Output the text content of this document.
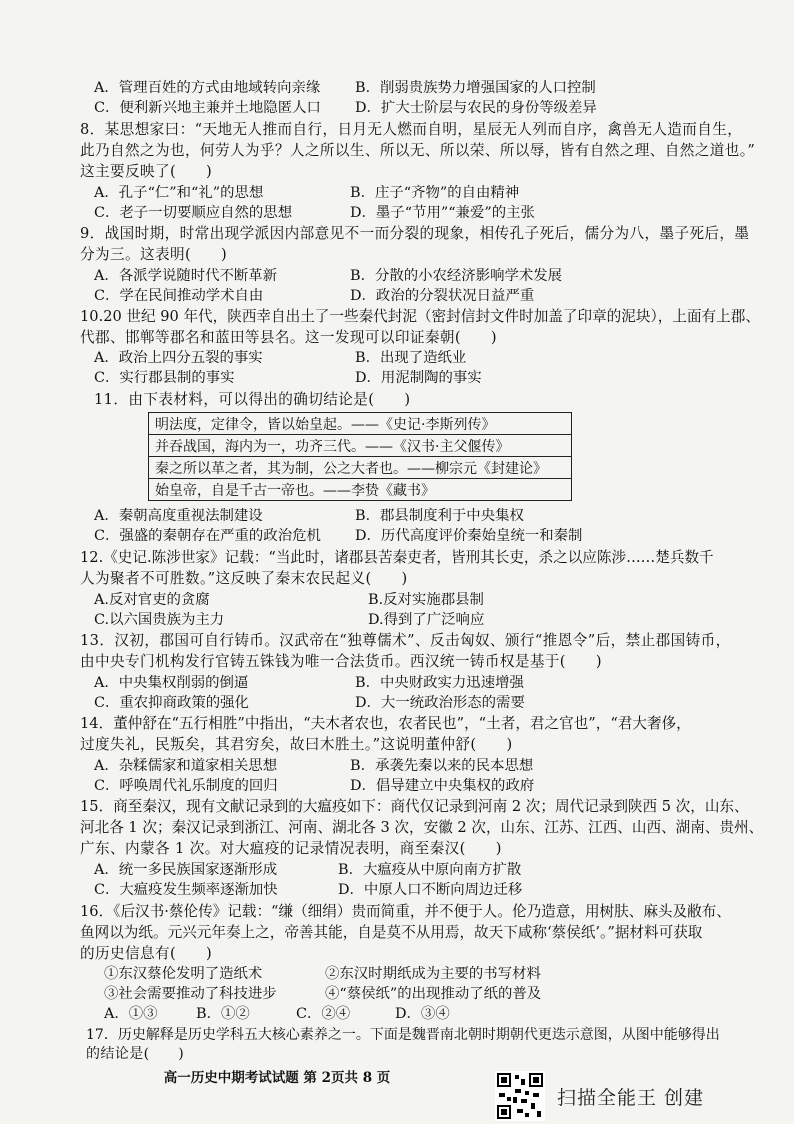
A．管理百姓的方式由地域转向亲缘 B．削弱贵族势力增强国家的人口控制
C．便利新兴地主兼并土地隐匿人口 D．扩大士阶层与农民的身份等级差异
8．某思想家曰：“天地无人推而自行，日月无人燃而自明，星辰无人列而自序，禽兽无人造而自生，
此乃自然之为也，何劳人为乎？人之所以生、所以无、所以荣、所以辱，皆有自然之理、自然之道也。”
这主要反映了(　　)
A．孔子“仁”和“礼”的思想	B．庄子“齐物”的自由精神
C．老子一切要顺应自然的思想	D．墨子“节用”“兼爱”的主张
9．战国时期，时常出现学派因内部意见不一而分裂的现象，相传孔子死后，儒分为八，墨子死后，墨
分为三。这表明(　　)
A．各派学说随时代不断革新	B．分散的小农经济影响学术发展
C．学在民间推动学术自由	D．政治的分裂状况日益严重
10.20 世纪 90 年代，陕西幸自出土了一些秦代封泥（密封信封文件时加盖了印章的泥块），上面有上郡、
代郡、邯郸等郡名和蓝田等县名。这一发现可以印证秦朝(　　)
A．政治上四分五裂的事实	B．出现了造纸业
C．实行郡县制的事实	D．用泥制陶的事实
11．由下表材料，可以得出的确切结论是(　　)
明法度，定律令，皆以始皇起。——《史记·李斯列传》
并吞战国，海内为一，功齐三代。——《汉书·主父偃传》
秦之所以革之者，其为制，公之大者也。——柳宗元《封建论》
始皇帝，自是千古一帝也。——李贽《藏书》
A．秦朝高度重视法制建设	B．郡县制度利于中央集权
C．强盛的秦朝存在严重的政治危机 D．历代高度评价秦始皇统一和秦制
12.《史记.陈涉世家》记载：“当此时，诸郡县苦秦吏者，皆刑其长吏，杀之以应陈涉……楚兵数千
人为聚者不可胜数。”这反映了秦末农民起义(　　)
A.反对官吏的贪腐	B.反对实施郡县制
C.以六国贵族为主力	D.得到了广泛响应
13．汉初，郡国可自行铸币。汉武帝在“独尊儒术”、反击匈奴、颁行“推恩令”后，禁止郡国铸币，
由中央专门机构发行官铸五铢钱为唯一合法货币。西汉统一铸币权是基于(　　)
A．中央集权削弱的倒逼	B．中央财政实力迅速增强
C．重农抑商政策的强化	D．大一统政治形态的需要
14．董仲舒在“五行相胜”中指出，“夫木者农也，农者民也”，“土者，君之官也”，“君大奢侈，
过度失礼，民叛矣，其君穷矣，故曰木胜土。”这说明董仲舒(　　)
A．杂糅儒家和道家相关思想	B．承袭先秦以来的民本思想
C．呼唤周代礼乐制度的回归	D．倡导建立中央集权的政府
15．商至秦汉，现有文献记录到的大瘟疫如下：商代仅记录到河南 2 次；周代记录到陕西 5 次，山东、
河北各 1 次；秦汉记录到浙江、河南、湖北各 3 次，安徽 2 次，山东、江苏、江西、山西、湖南、贵州、
广东、内蒙各 1 次。对大瘟疫的记录情况表明，商至秦汉(　　)
A．统一多民族国家逐渐形成	B．大瘟疫从中原向南方扩散
C．大瘟疫发生频率逐渐加快	D．中原人口不断向周边迁移
16．《后汉书·蔡伦传》记载：“缣（细绢）贵而简重，并不便于人。伦乃造意，用树肤、麻头及敝布、
鱼网以为纸。元兴元年奏上之，帝善其能，自是莫不从用焉，故天下咸称‘蔡侯纸’。”据材料可获取
的历史信息有(　　)
①东汉蔡伦发明了造纸术	②东汉时期纸成为主要的书写材料
③社会需要推动了科技进步	④“蔡侯纸”的出现推动了纸的普及
A．①③	B．①②	C．②④	D．③④
17．历史解释是历史学科五大核心素养之一。下面是魏晋南北朝时期朝代更迭示意图，从图中能够得出
的结论是(　　)
高一历史中期考试试题 第 2页共 8 页
扫描全能王 创建
